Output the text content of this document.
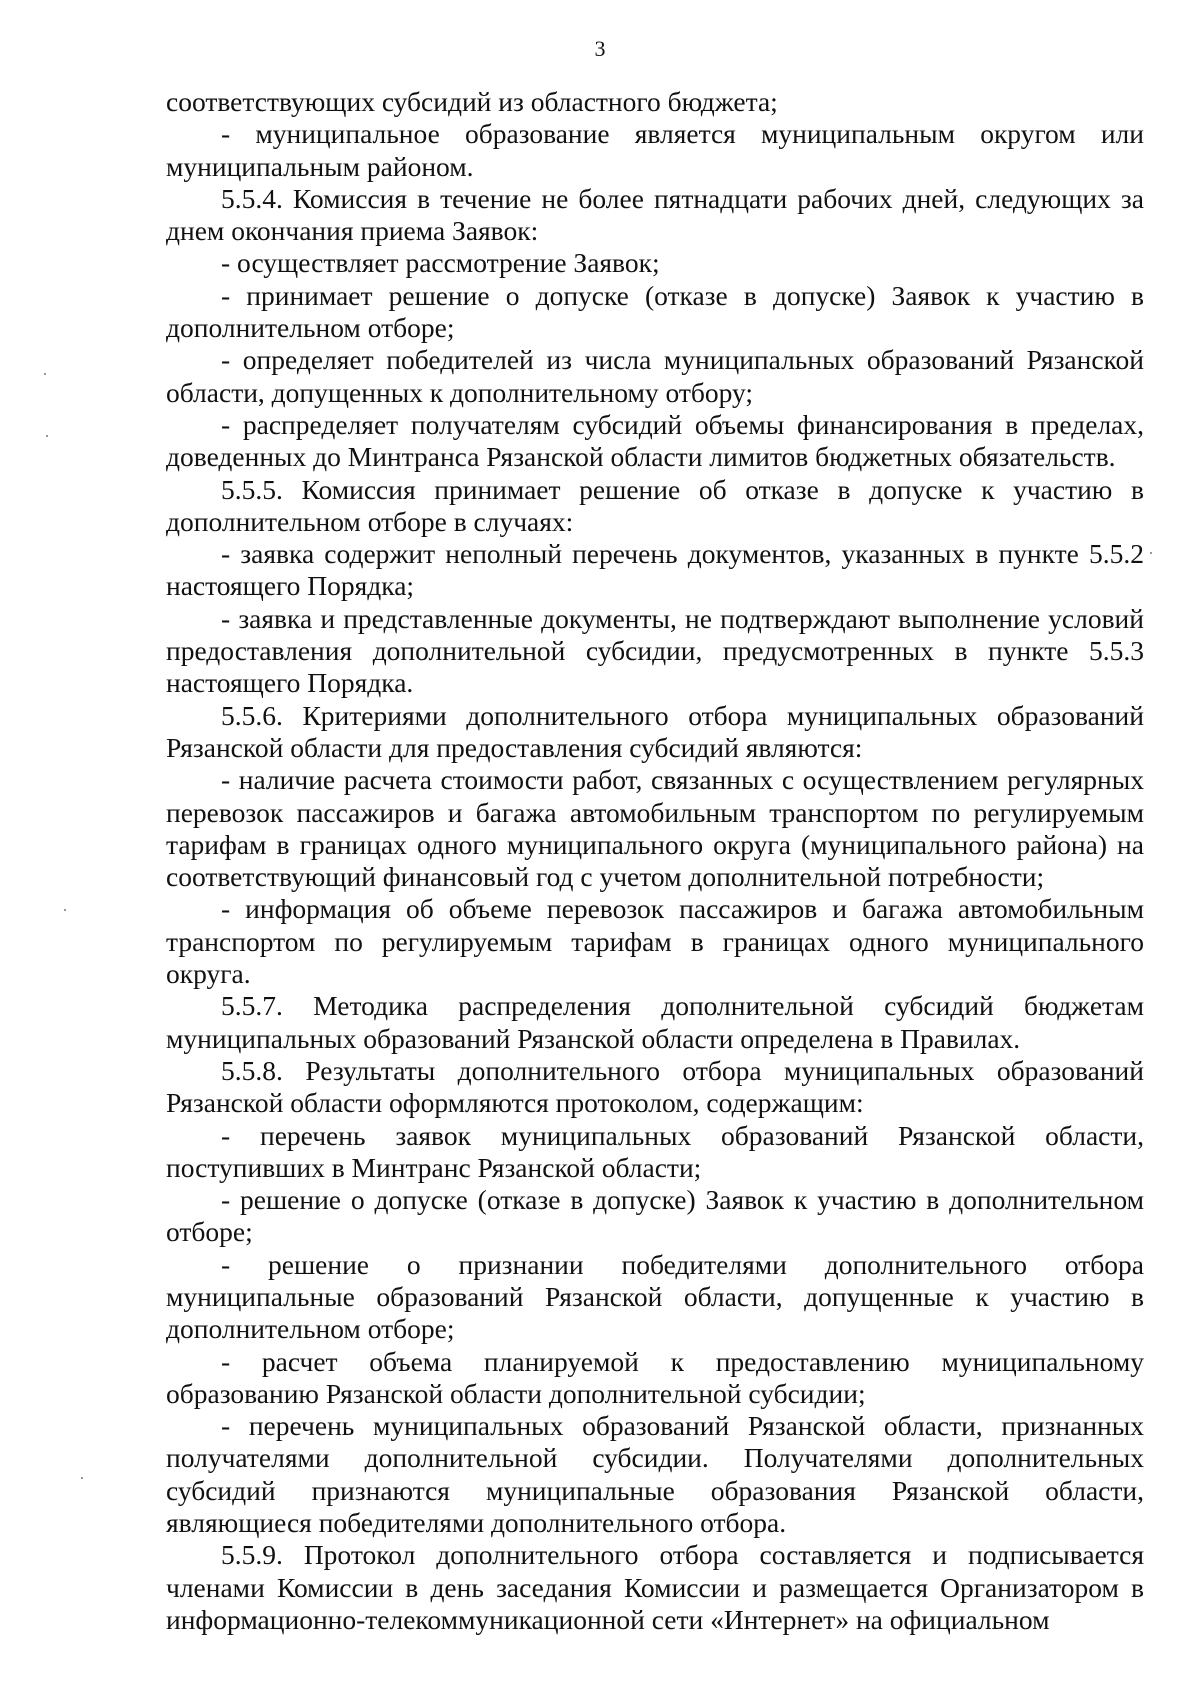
3

соответствующих субсидий из областного бюджета;

- муниципальное образование является муниципальным округом или муниципальным районом.

5.5.4. Комиссия в течение не более пятнадцати рабочих дней, следующих за днем окончания приема Заявок:

- осуществляет рассмотрение Заявок;

- принимает решение о допуске (отказе в допуске) Заявок к участию в дополнительном отборе;

- определяет победителей из числа муниципальных образований Рязанской области, допущенных к дополнительному отбору;

- распределяет получателям субсидий объемы финансирования в пределах, доведенных до Минтранса Рязанской области лимитов бюджетных обязательств.

5.5.5. Комиссия принимает решение об отказе в допуске к участию в дополнительном отборе в случаях:

- заявка содержит неполный перечень документов, указанных в пункте 5.5.2 настоящего Порядка;

- заявка и представленные документы, не подтверждают выполнение условий предоставления дополнительной субсидии, предусмотренных в пункте 5.5.3 настоящего Порядка.

5.5.6. Критериями дополнительного отбора муниципальных образований Рязанской области для предоставления субсидий являются:

- наличие расчета стоимости работ, связанных с осуществлением регулярных перевозок пассажиров и багажа автомобильным транспортом по регулируемым тарифам в границах одного муниципального округа (муниципального района) на соответствующий финансовый год с учетом дополнительной потребности;

- информация об объеме перевозок пассажиров и багажа автомобильным транспортом по регулируемым тарифам в границах одного муниципального округа.

5.5.7. Методика распределения дополнительной субсидий бюджетам муниципальных образований Рязанской области определена в Правилах.

5.5.8. Результаты дополнительного отбора муниципальных образований Рязанской области оформляются протоколом, содержащим:

- перечень заявок муниципальных образований Рязанской области, поступивших в Минтранс Рязанской области;

- решение о допуске (отказе в допуске) Заявок к участию в дополнительном отборе;

- решение о признании победителями дополнительного отбора муниципальные образований Рязанской области, допущенные к участию в дополнительном отборе;

- расчет объема планируемой к предоставлению муниципальному образованию Рязанской области дополнительной субсидии;

- перечень муниципальных образований Рязанской области, признанных получателями дополнительной субсидии. Получателями дополнительных субсидий признаются муниципальные образования Рязанской области, являющиеся победителями дополнительного отбора.

5.5.9. Протокол дополнительного отбора составляется и подписывается членами Комиссии в день заседания Комиссии и размещается Организатором в информационно-телекоммуникационной сети «Интернет» на официальном
